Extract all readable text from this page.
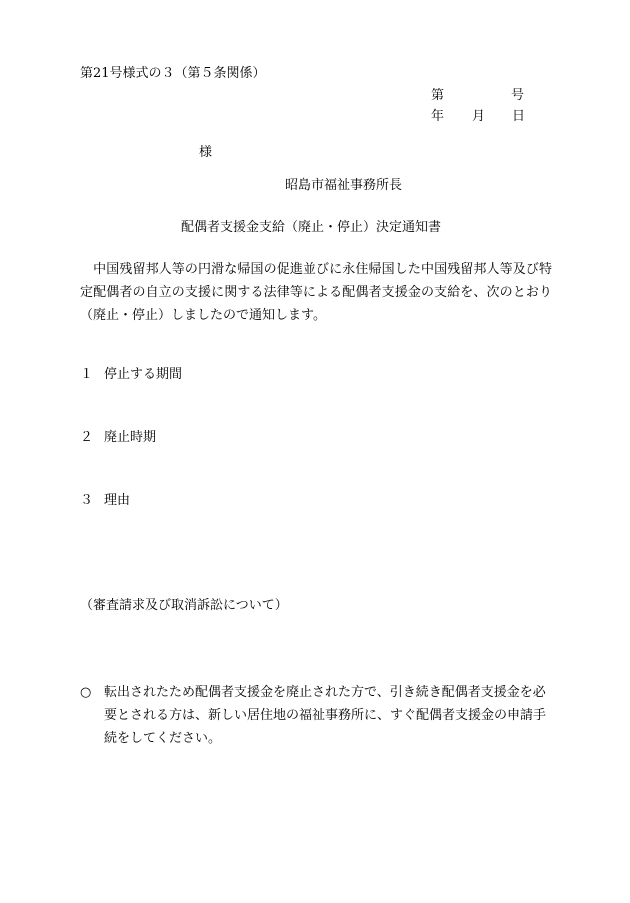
第21号様式の３（第５条関係）
第	号
年 月 日
様
昭島市福祉事務所長
配偶者支援金支給（廃止・停止）決定通知書
　中国残留邦人等の円滑な帰国の促進並びに永住帰国した中国残留邦人等及び特定配偶者の自立の支援に関する法律等による配偶者支援金の支給を、次のとおり（廃止・停止）しましたので通知します。
１ 停止する期間
２ 廃止時期
３ 理由
（審査請求及び取消訴訟について）
○ 転出されたため配偶者支援金を廃止された方で、引き続き配偶者支援金を必要とされる方は、新しい居住地の福祉事務所に、すぐ配偶者支援金の申請手続をしてください。
